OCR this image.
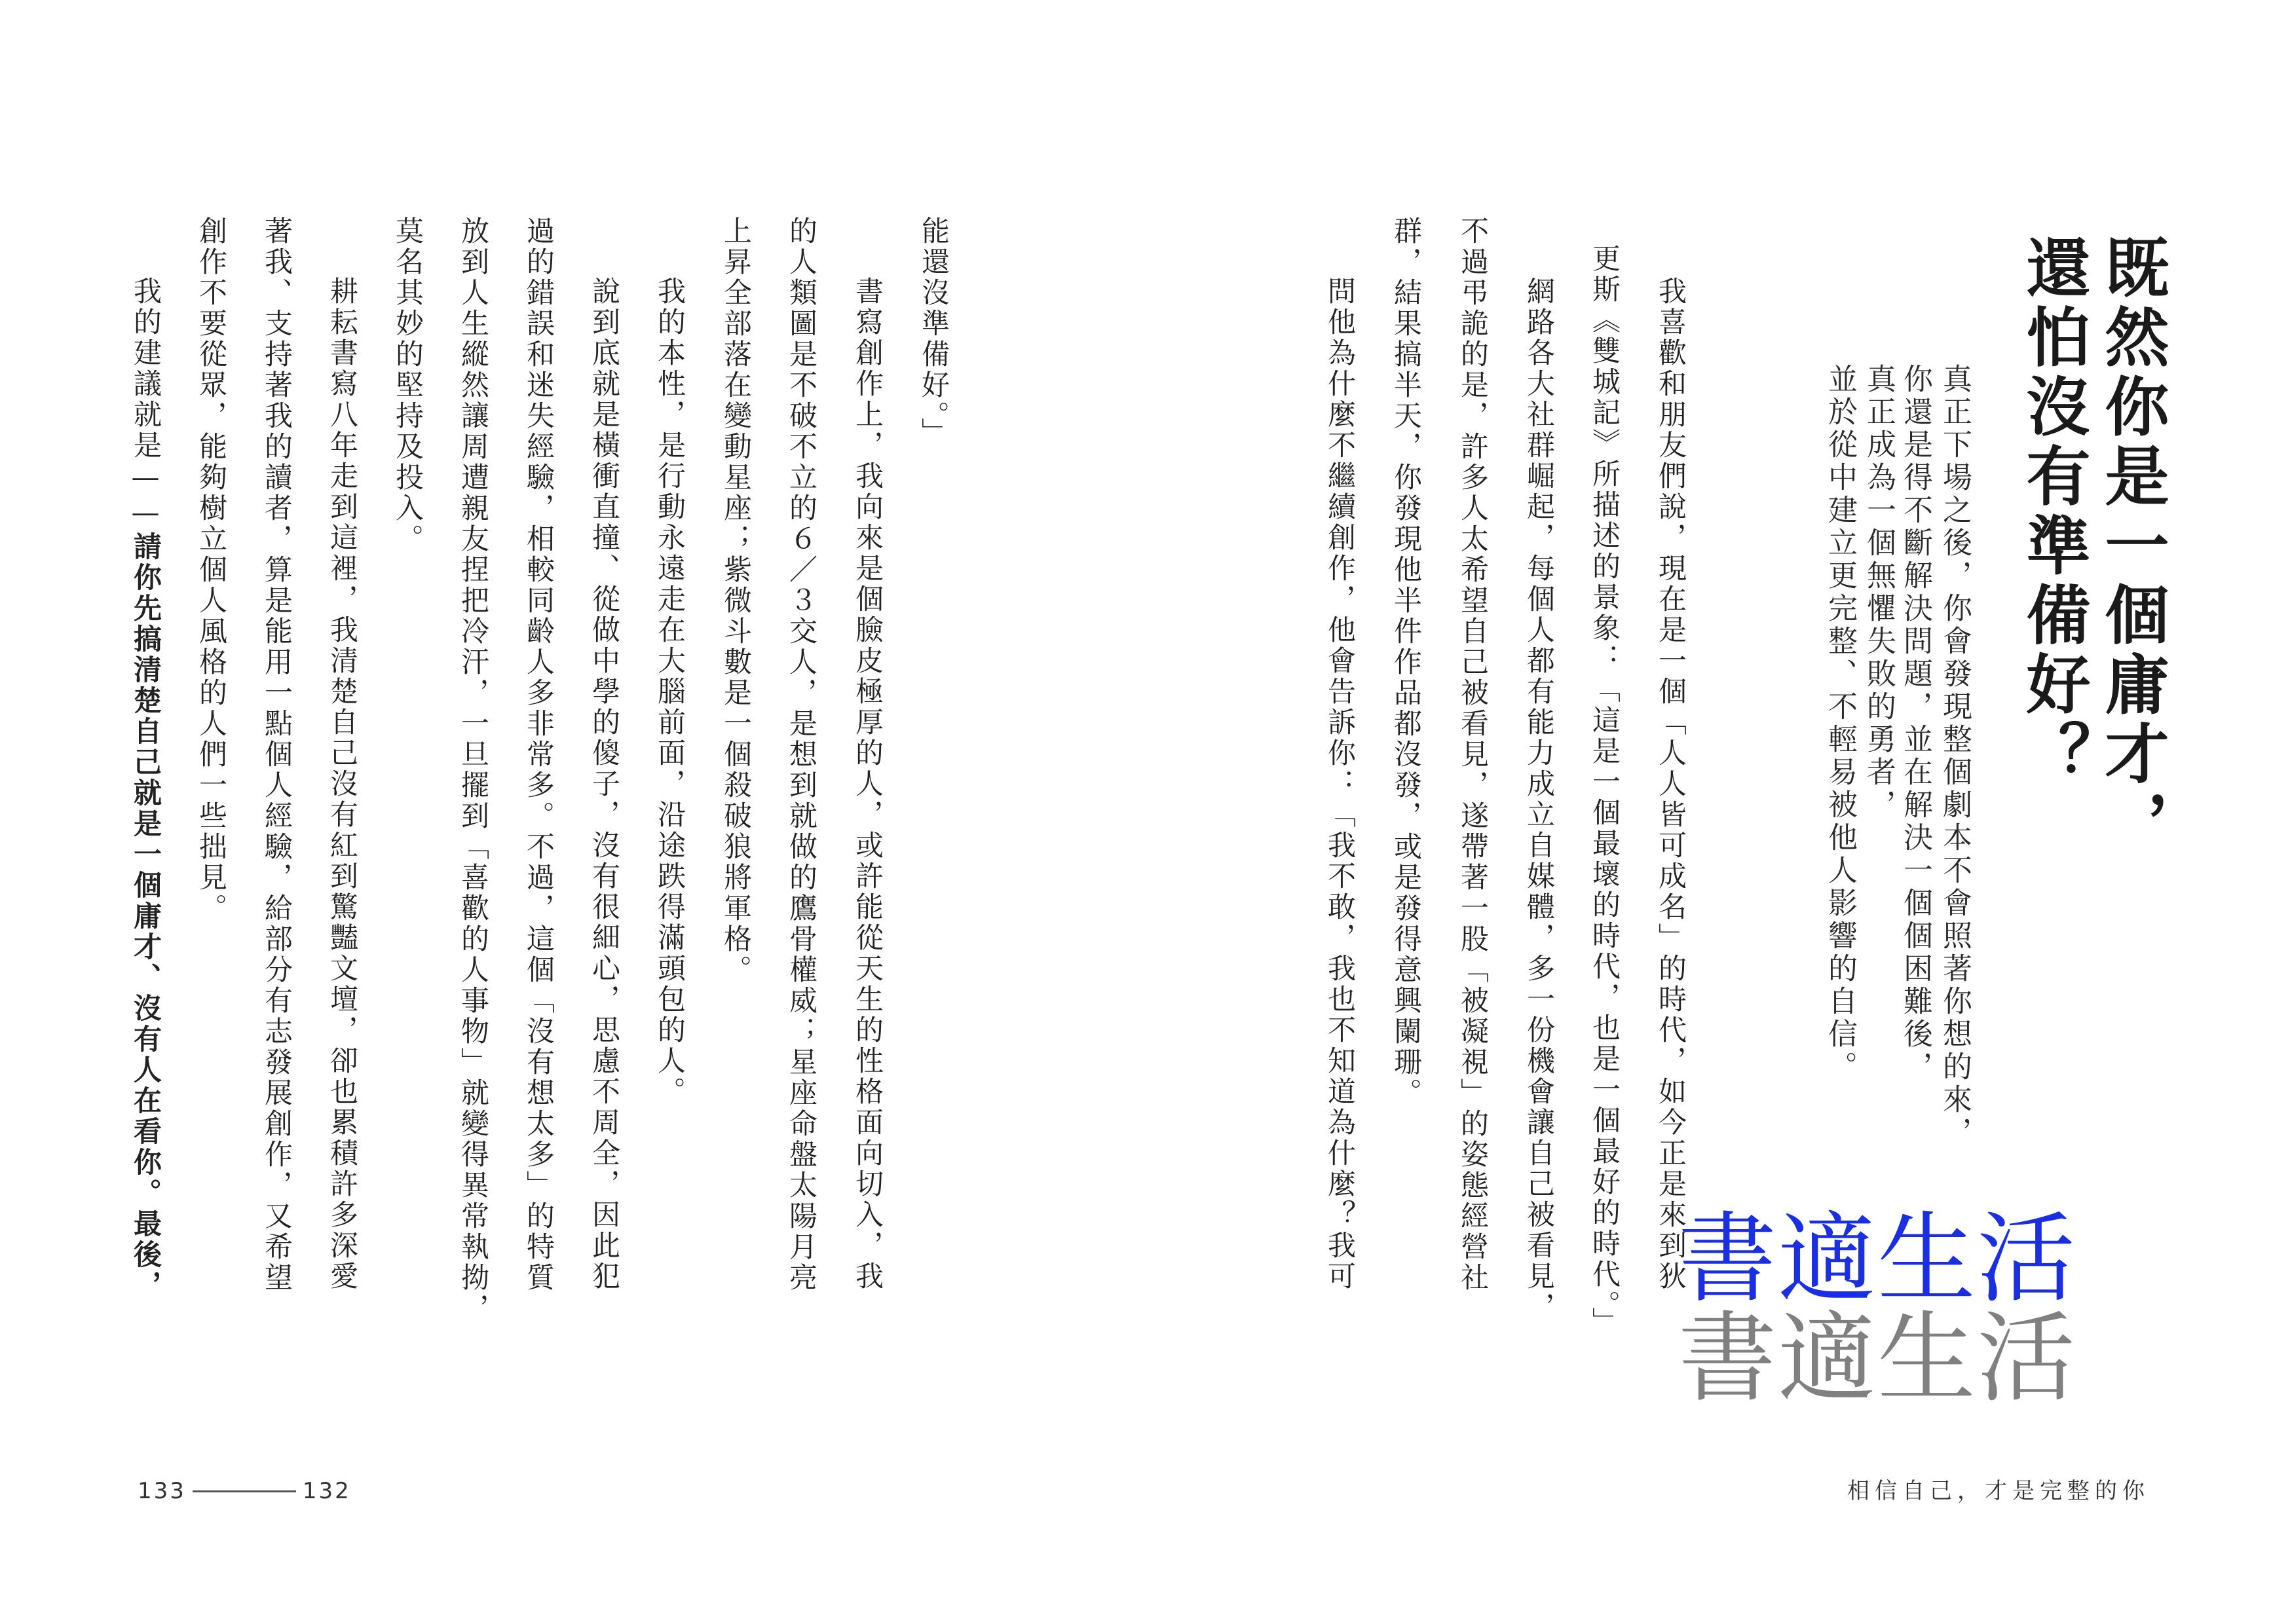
既然你是一個庸才，
還怕沒有準備好？
真正下場之後，你會發現整個劇本不會照著你想的來，
你還是得不斷解決問題，並在解決一個個困難後，
真正成為一個無懼失敗的勇者，
並於從中建立更完整、不輕易被他人影響的自信。
我喜歡和朋友們說，現在是一個「人人皆可成名」的時代，如今正是來到狄
更斯《雙城記》所描述的景象：「這是一個最壞的時代，也是一個最好的時代。」
網路各大社群崛起，每個人都有能力成立自媒體，多一份機會讓自己被看見，
不過弔詭的是，許多人太希望自己被看見，遂帶著一股「被凝視」的姿態經營社
群，結果搞半天，你發現他半件作品都沒發，或是發得意興闌珊。
問他為什麼不繼續創作，他會告訴你：「我不敢，我也不知道為什麼？我可
能還沒準備好。」
書寫創作上，我向來是個臉皮極厚的人，或許能從天生的性格面向切入，我
的人類圖是不破不立的６／３交人，是想到就做的鷹骨權威；星座命盤太陽月亮
上昇全部落在變動星座；紫微斗數是一個殺破狼將軍格。
我的本性，是行動永遠走在大腦前面，沿途跌得滿頭包的人。
說到底就是橫衝直撞、從做中學的傻子，沒有很細心，思慮不周全，因此犯
過的錯誤和迷失經驗，相較同齡人多非常多。不過，這個「沒有想太多」的特質
放到人生縱然讓周遭親友捏把冷汗，一旦擺到「喜歡的人事物」就變得異常執拗，
莫名其妙的堅持及投入。
耕耘書寫八年走到這裡，我清楚自己沒有紅到驚豔文壇，卻也累積許多深愛
著我、支持著我的讀者，算是能用一點個人經驗，給部分有志發展創作，又希望
創作不要從眾，能夠樹立個人風格的人們一些拙見。
我的建議就是——請你先搞清楚自己就是一個庸才、沒有人在看你。最後，	書適生活
書適生活
133	132	相信自己，才是完整的你
